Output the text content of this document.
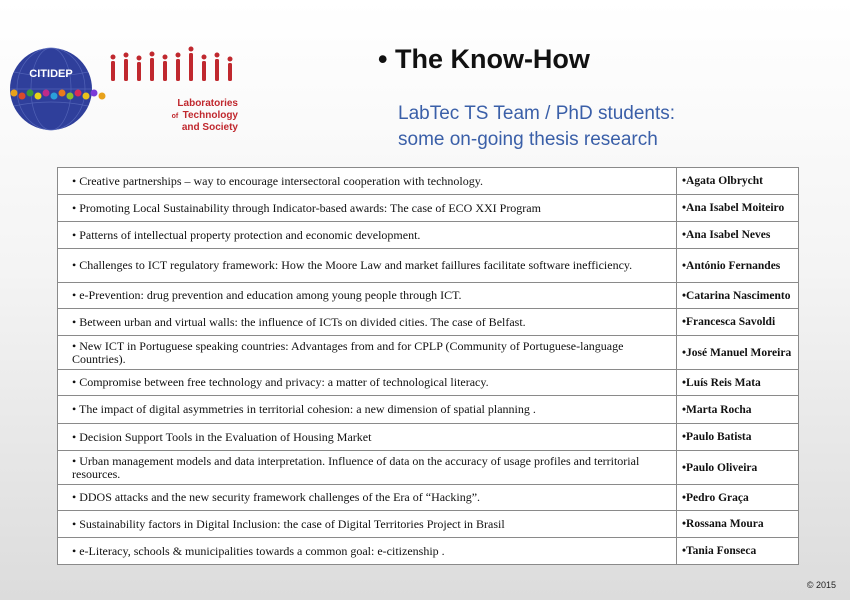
CITIDEP
Laboratories
of Technology
and Society
• The Know-How
LabTec TS Team / PhD students:
some on-going thesis research
• Creative partnerships – way to encourage intersectoral cooperation with technology.	•Agata Olbrycht
• Promoting Local Sustainability through Indicator-based awards: The case of ECO XXI Program	•Ana Isabel Moiteiro
• Patterns of intellectual property protection and economic development.	•Ana Isabel Neves
• Challenges to ICT regulatory framework: How the Moore Law and market faillures facilitate software inefficiency.	•António Fernandes
• e-Prevention: drug prevention and education among young people through ICT.	•Catarina Nascimento
• Between urban and virtual walls: the influence of ICTs on divided cities. The case of Belfast.	•Francesca Savoldi
• New ICT in Portuguese speaking countries: Advantages from and for CPLP (Community of Portuguese-language Countries).	•José Manuel Moreira
• Compromise between free technology and privacy: a matter of technological literacy.	•Luís Reis Mata
• The impact of digital asymmetries in territorial cohesion: a new dimension of spatial planning .	•Marta Rocha
• Decision Support Tools in the Evaluation of Housing Market	•Paulo Batista
• Urban management models and data interpretation. Influence of data on the accuracy of usage profiles and territorial resources.	•Paulo Oliveira
• DDOS attacks and the new security framework challenges of the Era of “Hacking”.	•Pedro Graça
• Sustainability factors in Digital Inclusion: the case of Digital Territories Project in Brasil	•Rossana Moura
• e-Literacy, schools & municipalities towards a common goal: e-citizenship .	•Tania Fonseca
© 2015
